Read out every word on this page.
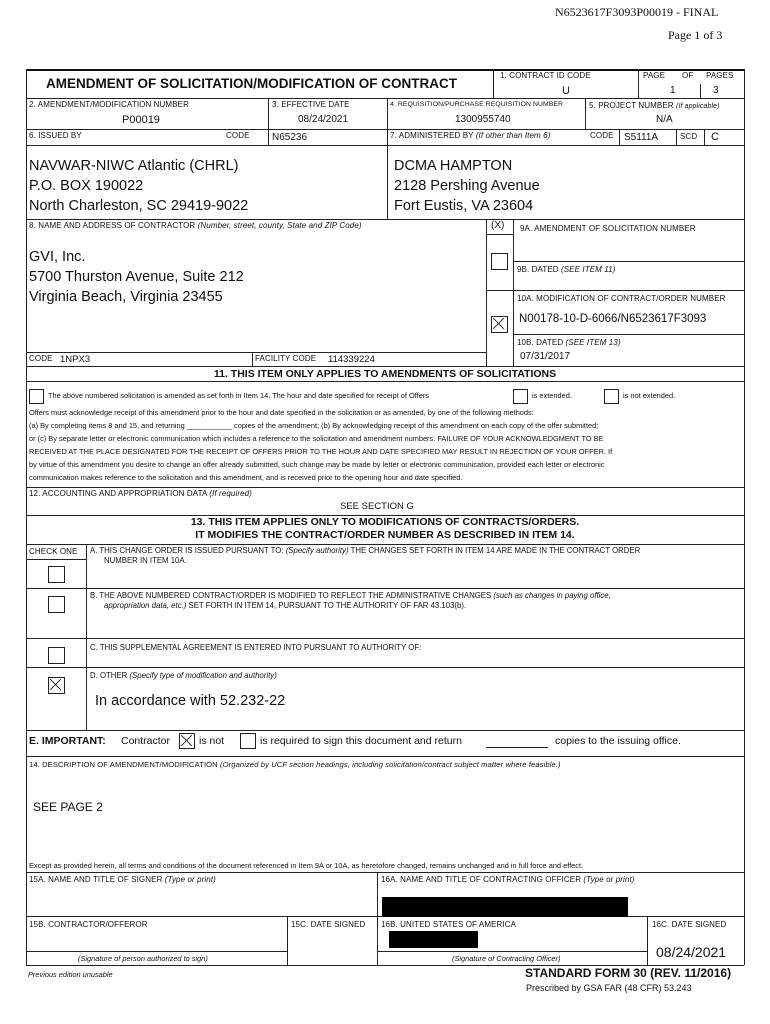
N6523617F3093P00019 - FINAL
Page 1 of 3
AMENDMENT OF SOLICITATION/MODIFICATION OF CONTRACT
1. CONTRACT ID CODE
U
PAGE OF PAGES
1	3
2. AMENDMENT/MODIFICATION NUMBER
P00019
3. EFFECTIVE DATE
08/24/2021
4. REQUISITION/PURCHASE REQUISITION NUMBER
1300955740
5. PROJECT NUMBER (If applicable)
N/A
6. ISSUED BY	CODE N65236	7. ADMINISTERED BY (If other than Item 6)	CODE S5111A	SCD C
NAVWAR-NIWC Atlantic (CHRL)
P.O. BOX 190022
North Charleston, SC 29419-9022
DCMA HAMPTON
2128 Pershing Avenue
Fort Eustis, VA 23604
8. NAME AND ADDRESS OF CONTRACTOR (Number, street, county, State and ZIP Code)	(X) 9A. AMENDMENT OF SOLICITATION NUMBER
9B. DATED (SEE ITEM 11)
10A. MODIFICATION OF CONTRACT/ORDER NUMBER
N00178-10-D-6066/N6523617F3093
10B. DATED (SEE ITEM 13)
07/31/2017
GVI, Inc.
5700 Thurston Avenue, Suite 212
Virginia Beach, Virginia 23455
CODE 1NPX3	FACILITY CODE 114339224
11. THIS ITEM ONLY APPLIES TO AMENDMENTS OF SOLICITATIONS
The above numbered solicitation is amended as set forth in Item 14. The hour and date specified for receipt of Offers	is extended.	is not extended.
Offers must acknowledge receipt of this amendment prior to the hour and date specified in the solicitation or as amended, by one of the following methods:
(a) By completing items 8 and 15, and returning ___________ copies of the amendment; (b) By acknowledging receipt of this amendment on each copy of the offer submitted;
or (c) By separate letter or electronic communication which includes a reference to the solicitation and amendment numbers. FAILURE OF YOUR ACKNOWLEDGMENT TO BE
RECEIVED AT THE PLACE DESIGNATED FOR THE RECEIPT OF OFFERS PRIOR TO THE HOUR AND DATE SPECIFIED MAY RESULT IN REJECTION OF YOUR OFFER. If
by virtue of this amendment you desire to change an offer already submitted, such change may be made by letter or electronic communication, provided each letter or electronic
communication makes reference to the solicitation and this amendment, and is received prior to the opening hour and date specified.
12. ACCOUNTING AND APPROPRIATION DATA (If required)
SEE SECTION G
13. THIS ITEM APPLIES ONLY TO MODIFICATIONS OF CONTRACTS/ORDERS.
IT MODIFIES THE CONTRACT/ORDER NUMBER AS DESCRIBED IN ITEM 14.
CHECK ONE A. THIS CHANGE ORDER IS ISSUED PURSUANT TO: (Specify authority) THE CHANGES SET FORTH IN ITEM 14 ARE MADE IN THE CONTRACT ORDER
NUMBER IN ITEM 10A.
B. THE ABOVE NUMBERED CONTRACT/ORDER IS MODIFIED TO REFLECT THE ADMINISTRATIVE CHANGES (such as changes in paying office,
appropriation data, etc.) SET FORTH IN ITEM 14, PURSUANT TO THE AUTHORITY OF FAR 43.103(b).
C. THIS SUPPLEMENTAL AGREEMENT IS ENTERED INTO PURSUANT TO AUTHORITY OF:
D. OTHER (Specify type of modification and authority)
In accordance with 52.232-22
E. IMPORTANT: Contractor	is not	is required to sign this document and return	copies to the issuing office.
14. DESCRIPTION OF AMENDMENT/MODIFICATION (Organized by UCF section headings, including solicitation/contract subject matter where feasible.)
SEE PAGE 2
Except as provided herein, all terms and conditions of the document referenced in Item 9A or 10A, as heretofore changed, remains unchanged and in full force and effect.
15A. NAME AND TITLE OF SIGNER (Type or print)	16A. NAME AND TITLE OF CONTRACTING OFFICER (Type or print)
15B. CONTRACTOR/OFFEROR	15C. DATE SIGNED 16B. UNITED STATES OF AMERICA	16C. DATE SIGNED
(Signature of person authorized to sign)	(Signature of Contracting Officer)	08/24/2021
Previous edition unusable	STANDARD FORM 30 (REV. 11/2016)
Prescribed by GSA FAR (48 CFR) 53.243
